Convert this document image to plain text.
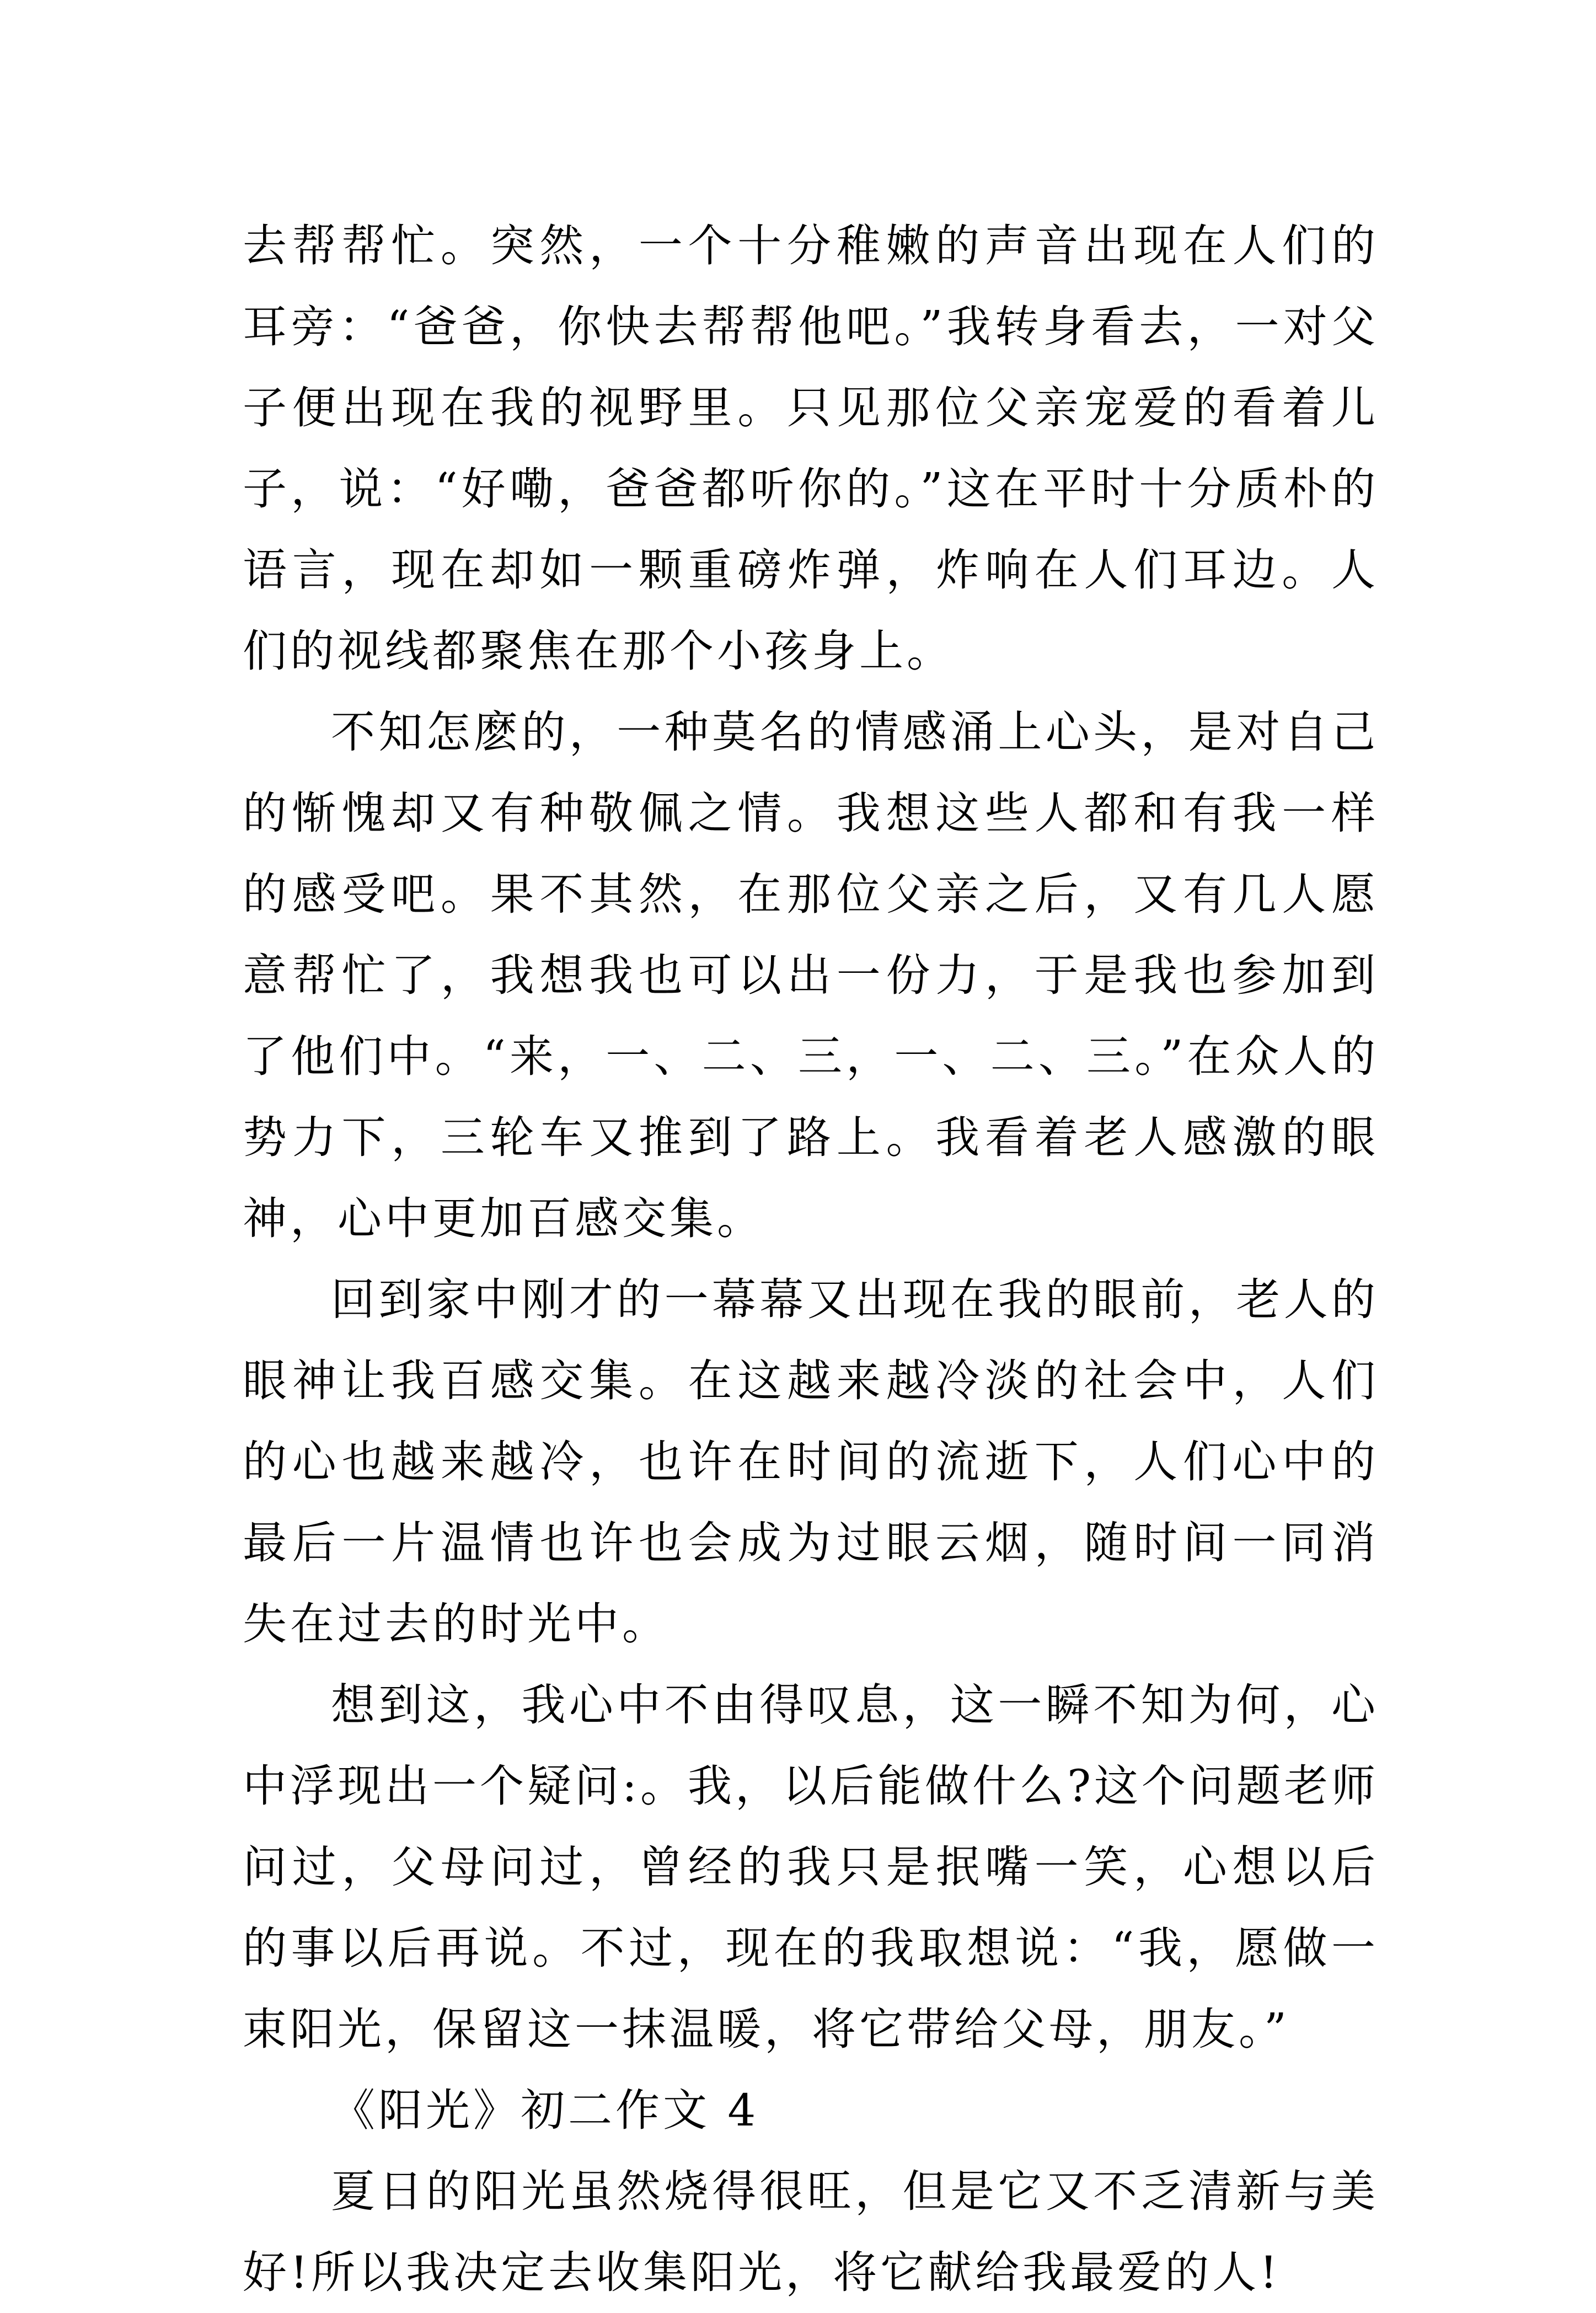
去帮帮忙。突然，一个十分稚嫩的声音出现在人们的耳旁：“爸爸，你快去帮帮他吧。”我转身看去，一对父子便出现在我的视野里。只见那位父亲宠爱的看着儿子，说：“好嘞，爸爸都听你的。”这在平时十分质朴的语言，现在却如一颗重磅炸弹，炸响在人们耳边。人们的视线都聚焦在那个小孩身上。

不知怎麽的，一种莫名的情感涌上心头，是对自己的惭愧却又有种敬佩之情。我想这些人都和有我一样的感受吧。果不其然，在那位父亲之后，又有几人愿意帮忙了，我想我也可以出一份力，于是我也参加到了他们中。“来，一、二、三，一、二、三。”在众人的势力下，三轮车又推到了路上。我看着老人感激的眼神，心中更加百感交集。

回到家中刚才的一幕幕又出现在我的眼前，老人的眼神让我百感交集。在这越来越冷淡的社会中，人们的心也越来越冷，也许在时间的流逝下，人们心中的最后一片温情也许也会成为过眼云烟，随时间一同消失在过去的时光中。

想到这，我心中不由得叹息，这一瞬不知为何，心中浮现出一个疑问:。我，以后能做什么?这个问题老师问过，父母问过，曾经的我只是抿嘴一笑，心想以后的事以后再说。不过，现在的我取想说：“我，愿做一束阳光，保留这一抹温暖，将它带给父母，朋友。”

《阳光》初二作文 4

夏日的阳光虽然烧得很旺，但是它又不乏清新与美好!所以我决定去收集阳光，将它献给我最爱的人!
